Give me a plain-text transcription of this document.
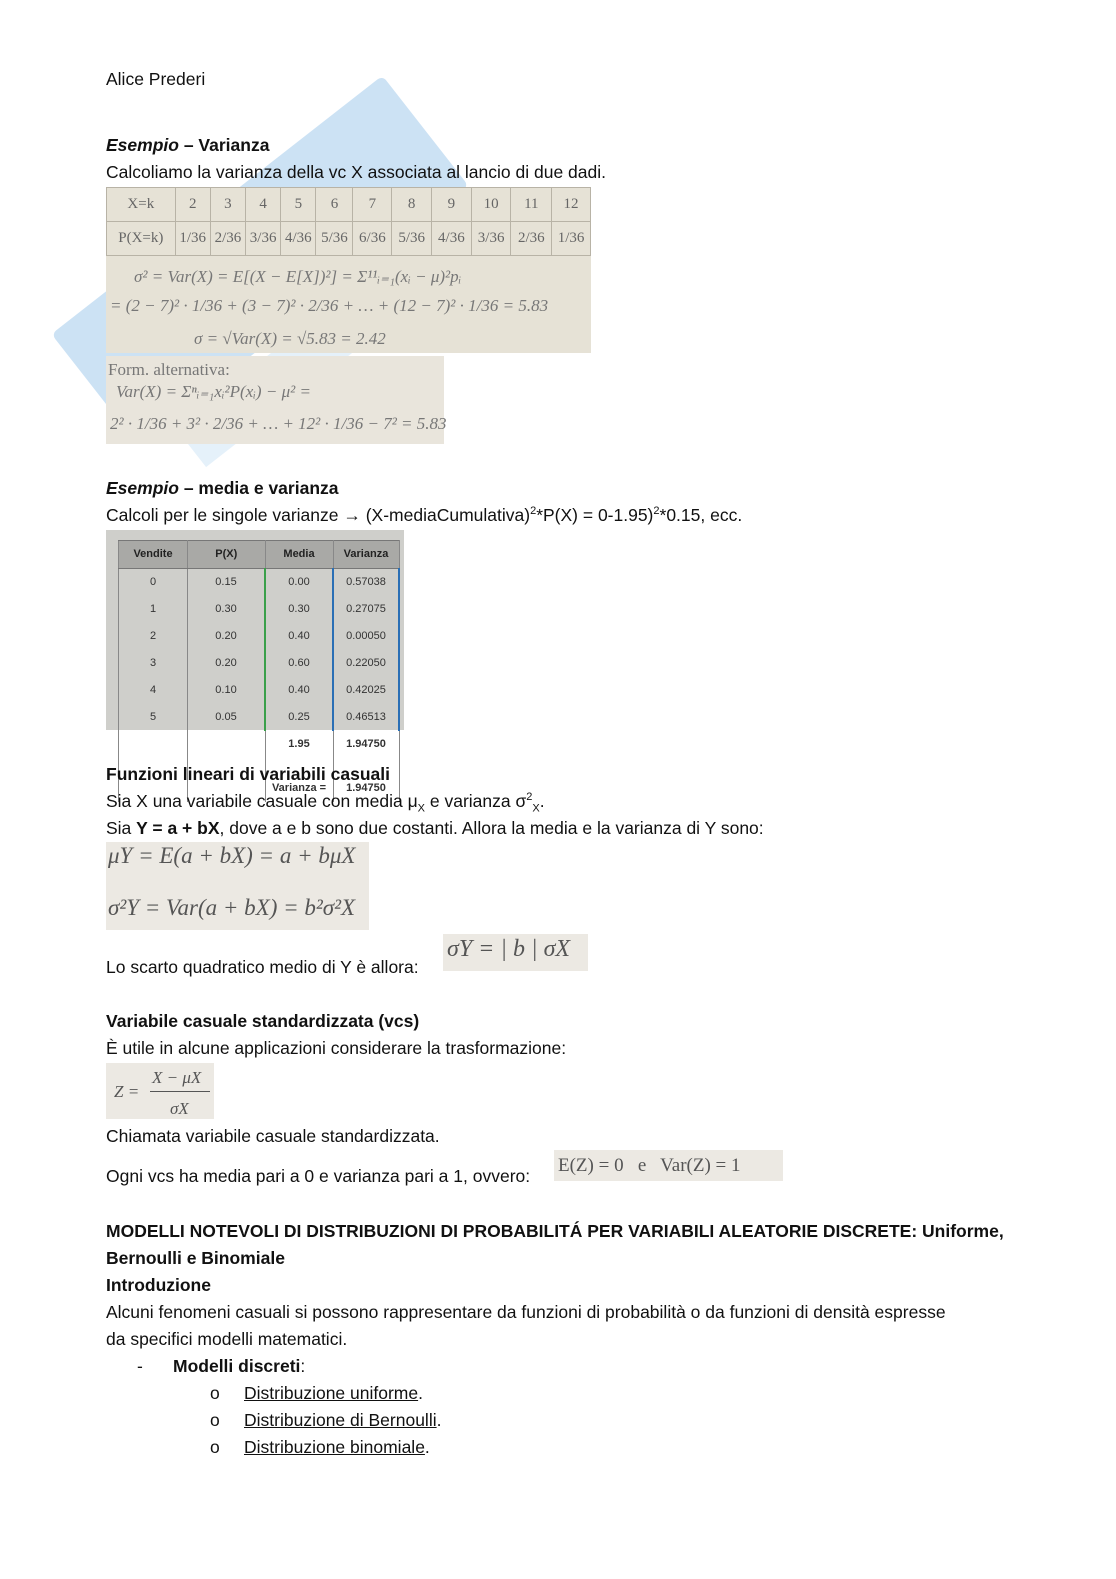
Alice Prederi
Esempio – Varianza
Calcoliamo la varianza della vc X associata al lancio di due dadi.
X=k	2	3	4	5	6	7	8	9	10	11	12
P(X=k)	1/36	2/36	3/36	4/36	5/36	6/36	5/36	4/36	3/36	2/36	1/36
σ² = Var(X) = E[(X − E[X])²] = Σ¹¹ᵢ₌₁(xᵢ − μ)²pᵢ
= (2 − 7)² · 1/36 + (3 − 7)² · 2/36 + … + (12 − 7)² · 1/36 = 5.83
σ = √Var(X) = √5.83 = 2.42
Form. alternativa:
Var(X) = Σⁿᵢ₌₁xᵢ²P(xᵢ) − μ² =
2² · 1/36 + 3² · 2/36 + … + 12² · 1/36 − 7² = 5.83
Esempio – media e varianza
Calcoli per le singole varianze → (X-mediaCumulativa)$^2$*P(X) = 0-1.95)$^2$*0.15, ecc.
Vendite	P(X)	Media	Varianza
0	0.15	0.00	0.57038
1	0.30	0.30	0.27075
2	0.20	0.40	0.00050
3	0.20	0.60	0.22050
4	0.10	0.40	0.42025
5	0.05	0.25	0.46513
		1.95	1.94750

		Varianza =	1.94750
Funzioni lineari di variabili casuali
Sia X una variabile casuale con media $\mu_X$ e varianza $\sigma^2_X$.
Sia Y = a + bX, dove a e b sono due costanti. Allora la media e la varianza di Y sono:
μY = E(a + bX) = a + bμX
σ²Y = Var(a + bX) = b²σ²X
Lo scarto quadratico medio di Y è allora:
σY = | b | σX
Variabile casuale standardizzata (vcs)
È utile in alcune applicazioni considerare la trasformazione:
Z =
X − μX
σX
Chiamata variabile casuale standardizzata.
Ogni vcs ha media pari a 0 e varianza pari a 1, ovvero: E(Z) = 0   e   Var(Z) = 1
MODELLI NOTEVOLI DI DISTRIBUZIONI DI PROBABILITÁ PER VARIABILI ALEATORIE DISCRETE: Uniforme,
Bernoulli e Binomiale
Introduzione
Alcuni fenomeni casuali si possono rappresentare da funzioni di probabilità o da funzioni di densità espresse
da specifici modelli matematici.
- Modelli discreti:
o Distribuzione uniforme.
o Distribuzione di Bernoulli.
o Distribuzione binomiale.
